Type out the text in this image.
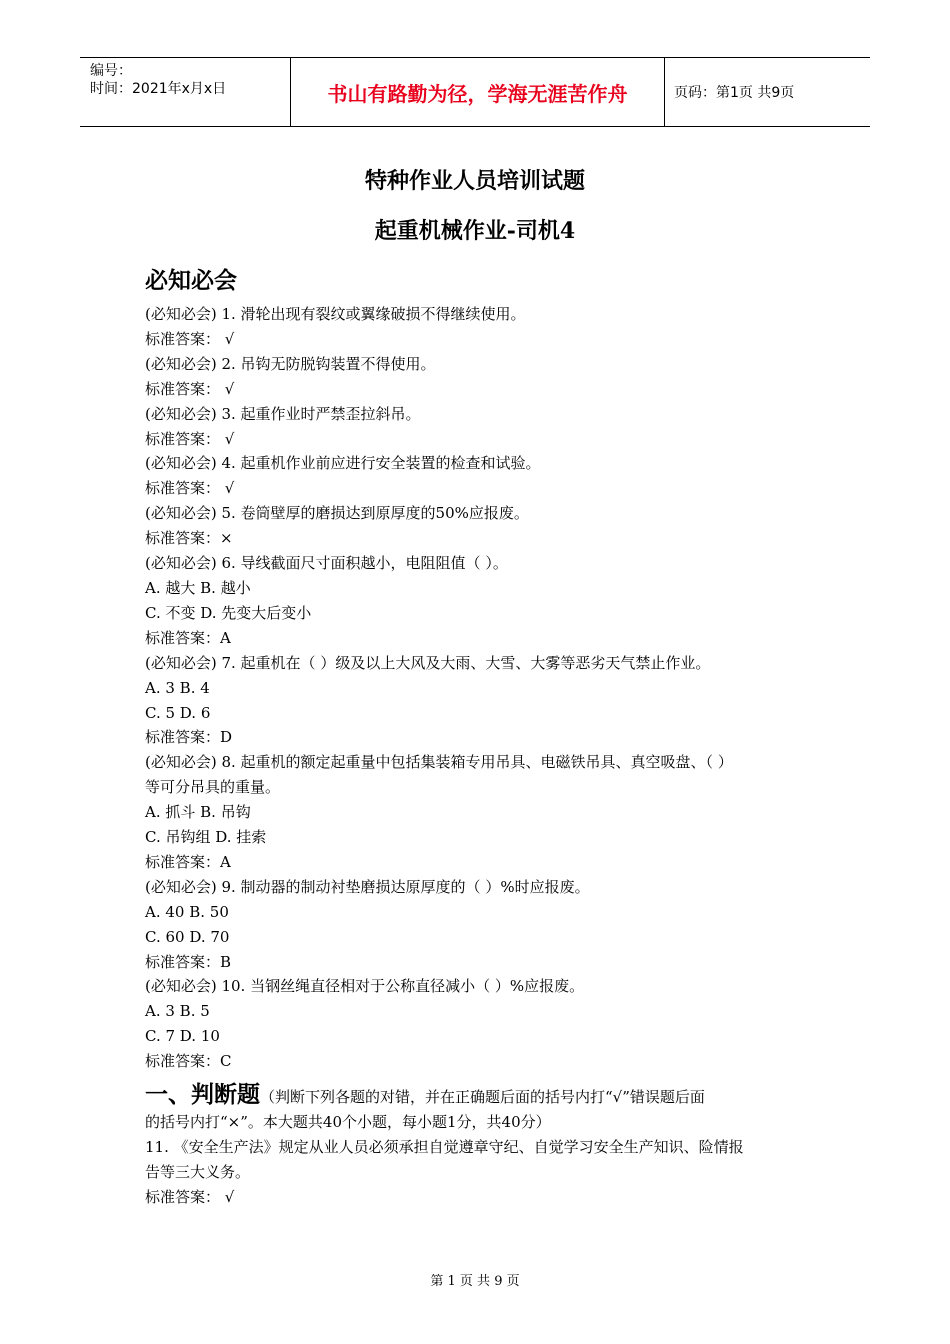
编号：
时间：2021年x月x日	书山有路勤为径，学海无涯苦作舟	页码：第1页 共9页
特种作业人员培训试题
起重机械作业-司机4
必知必会
(必知必会) 1. 滑轮出现有裂纹或翼缘破损不得继续使用。
标准答案： √
(必知必会) 2. 吊钩无防脱钩装置不得使用。
标准答案： √
(必知必会) 3. 起重作业时严禁歪拉斜吊。
标准答案： √
(必知必会) 4. 起重机作业前应进行安全装置的检查和试验。
标准答案： √
(必知必会) 5. 卷筒壁厚的磨损达到原厚度的50%应报废。
标准答案：×
(必知必会) 6. 导线截面尺寸面积越小，电阻阻值（ ）。
A. 越大 B. 越小
C. 不变 D. 先变大后变小
标准答案：A
(必知必会) 7. 起重机在（ ）级及以上大风及大雨、大雪、大雾等恶劣天气禁止作业。
A. 3 B. 4
C. 5 D. 6
标准答案：D
(必知必会) 8. 起重机的额定起重量中包括集装箱专用吊具、电磁铁吊具、真空吸盘、（ ）
等可分吊具的重量。
A. 抓斗 B. 吊钩
C. 吊钩组 D. 挂索
标准答案：A
(必知必会) 9. 制动器的制动衬垫磨损达原厚度的（ ）%时应报废。
A. 40 B. 50
C. 60 D. 70
标准答案：B
(必知必会) 10. 当钢丝绳直径相对于公称直径减小（ ）%应报废。
A. 3 B. 5
C. 7 D. 10
标准答案：C
一、判断题（判断下列各题的对错，并在正确题后面的括号内打“√”错误题后面
的括号内打“×”。本大题共40个小题，每小题1分，共40分）
11. 《安全生产法》规定从业人员必须承担自觉遵章守纪、自觉学习安全生产知识、险情报
告等三大义务。
标准答案： √
第 1 页 共 9 页
